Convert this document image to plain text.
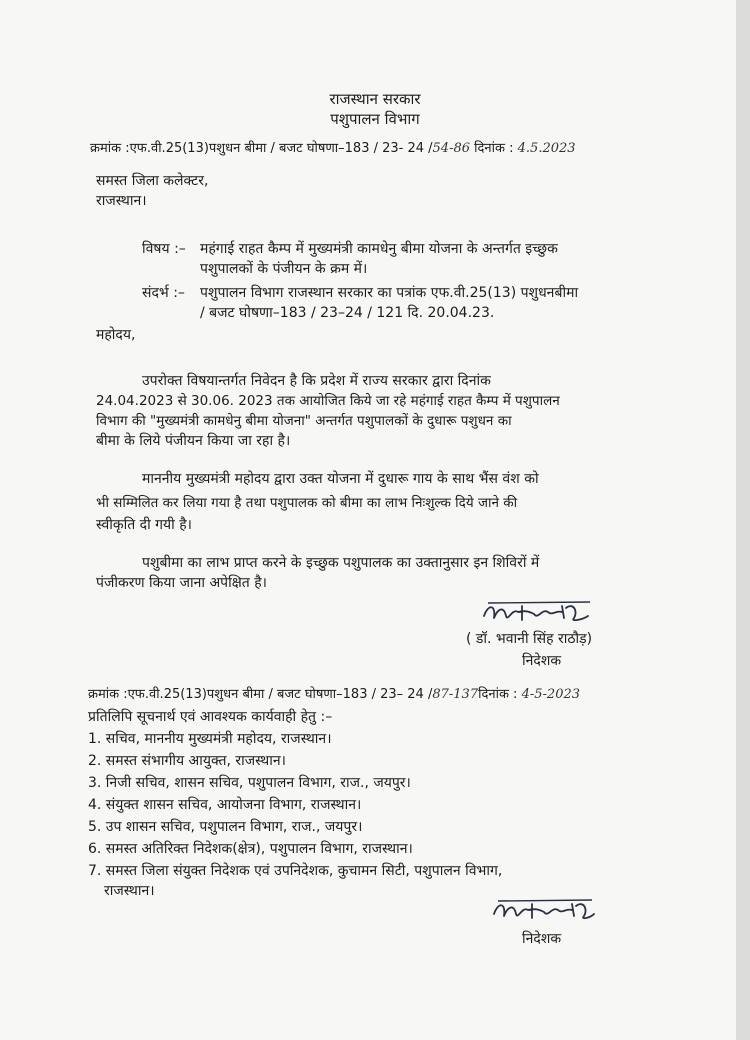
राजस्थान सरकार
पशुपालन विभाग
क्रमांक :एफ.वी.25(13)पशुधन बीमा / बजट घोषणा–183 / 23- 24 /54-86 दिनांक : 4.5.2023
समस्त जिला कलेक्टर,
राजस्थान।
विषय :– महंगाई राहत कैम्प में मुख्यमंत्री कामधेनु बीमा योजना के अन्तर्गत इच्छुक
पशुपालकों के पंजीयन के क्रम में।
संदर्भ :– पशुपालन विभाग राजस्थान सरकार का पत्रांक एफ.वी.25(13) पशुधनबीमा
/ बजट घोषणा–183 / 23–24 / 121 दि. 20.04.23.
महोदय,
उपरोक्त विषयान्तर्गत निवेदन है कि प्रदेश में राज्य सरकार द्वारा दिनांक
24.04.2023 से 30.06. 2023 तक आयोजित किये जा रहे महंगाई राहत कैम्प में पशुपालन
विभाग की "मुख्यमंत्री कामधेनु बीमा योजना" अन्तर्गत पशुपालकों के दुधारू पशुधन का
बीमा के लिये पंजीयन किया जा रहा है।
माननीय मुख्यमंत्री महोदय द्वारा उक्त योजना में दुधारू गाय के साथ भैंस वंश को
भी सम्मिलित कर लिया गया है तथा पशुपालक को बीमा का लाभ निःशुल्क दिये जाने की
स्वीकृति दी गयी है।
पशुबीमा का लाभ प्राप्त करने के इच्छुक पशुपालक का उक्तानुसार इन शिविरों में
पंजीकरण किया जाना अपेक्षित है।
( डॉ. भवानी सिंह राठौड़)
निदेशक
क्रमांक :एफ.वी.25(13)पशुधन बीमा / बजट घोषणा–183 / 23– 24 /87-137दिनांक : 4-5-2023
प्रतिलिपि सूचनार्थ एवं आवश्यक कार्यवाही हेतु :–
1. सचिव, माननीय मुख्यमंत्री महोदय, राजस्थान।
2. समस्त संभागीय आयुक्त, राजस्थान।
3. निजी सचिव, शासन सचिव, पशुपालन विभाग, राज., जयपुर।
4. संयुक्त शासन सचिव, आयोजना विभाग, राजस्थान।
5. उप शासन सचिव, पशुपालन विभाग, राज., जयपुर।
6. समस्त अतिरिक्त निदेशक(क्षेत्र), पशुपालन विभाग, राजस्थान।
7. समस्त जिला संयुक्त निदेशक एवं उपनिदेशक, कुचामन सिटी, पशुपालन विभाग,
राजस्थान।
निदेशक
